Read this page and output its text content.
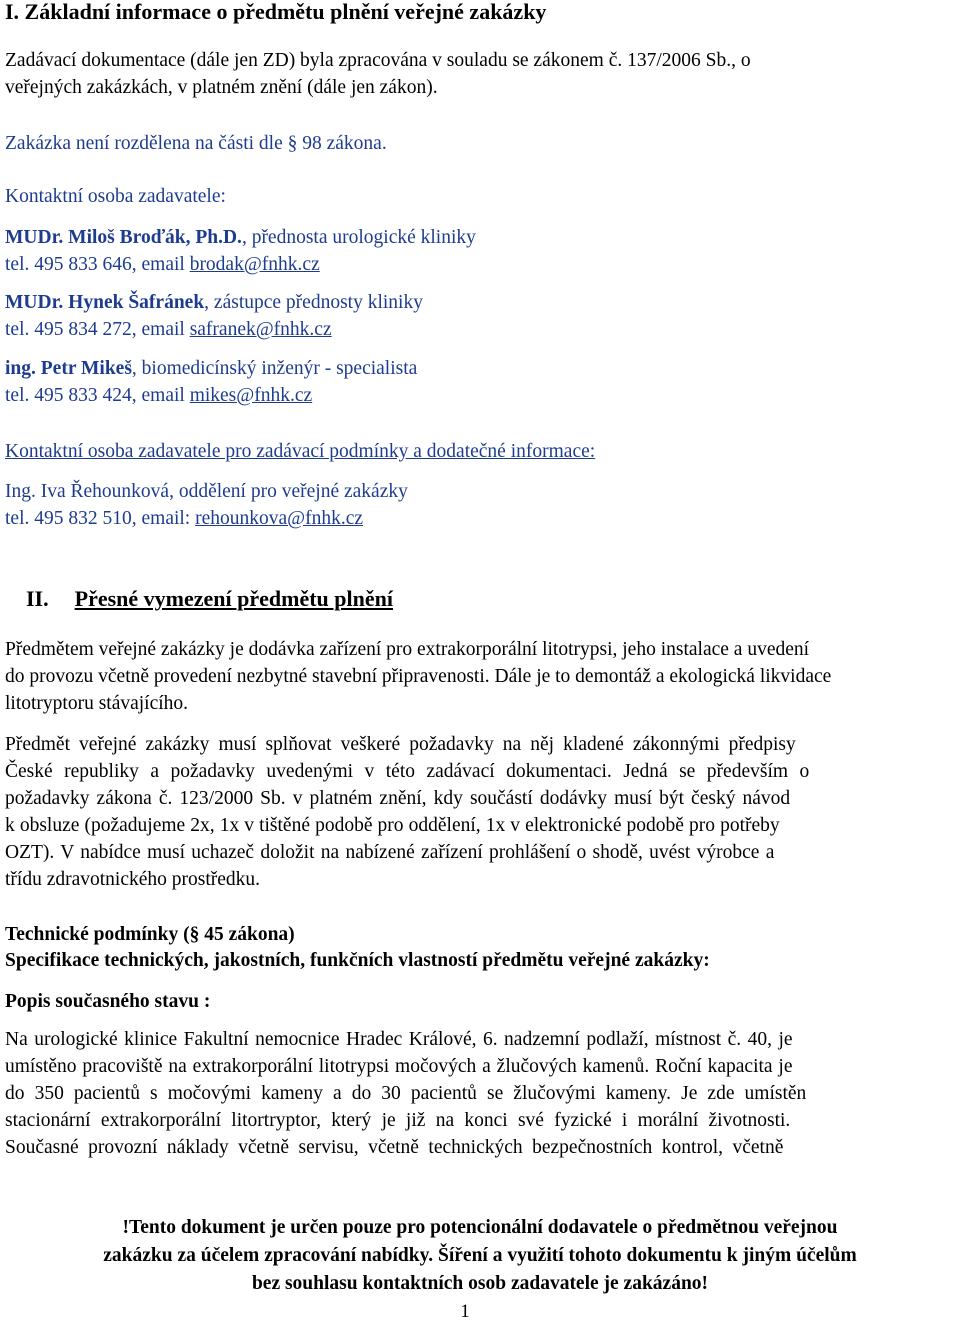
I. Základní informace o předmětu plnění veřejné zakázky
Zadávací dokumentace (dále jen ZD) byla zpracována v souladu se zákonem č. 137/2006 Sb., o
veřejných zakázkách, v platném znění (dále jen zákon).
Zakázka není rozdělena na části dle § 98 zákona.
Kontaktní osoba zadavatele:
MUDr. Miloš Broďák, Ph.D., přednosta urologické kliniky
tel. 495 833 646, email brodak@fnhk.cz
MUDr. Hynek Šafránek, zástupce přednosty kliniky
tel. 495 834 272, email safranek@fnhk.cz
ing. Petr Mikeš, biomedicínský inženýr - specialista
tel. 495 833 424, email mikes@fnhk.cz
Kontaktní osoba zadavatele pro zadávací podmínky a dodatečné informace:
Ing. Iva Řehounková, oddělení pro veřejné zakázky
tel. 495 832 510, email: rehounkova@fnhk.cz
II. Přesné vymezení předmětu plnění
Předmětem veřejné zakázky je dodávka zařízení pro extrakorporální litotrypsi, jeho instalace a uvedení
do provozu včetně provedení nezbytné stavební připravenosti. Dále je to demontáž a ekologická likvidace
litotryptoru stávajícího.
Předmět veřejné zakázky musí splňovat veškeré požadavky na něj kladené zákonnými předpisy
České republiky a požadavky uvedenými v této zadávací dokumentaci. Jedná se především o
požadavky zákona č. 123/2000 Sb. v platném znění, kdy součástí dodávky musí být český návod
k obsluze (požadujeme 2x, 1x v tištěné podobě pro oddělení, 1x v elektronické podobě pro potřeby
OZT). V nabídce musí uchazeč doložit na nabízené zařízení prohlášení o shodě, uvést výrobce a
třídu zdravotnického prostředku.
Technické podmínky (§ 45 zákona)
Specifikace technických, jakostních, funkčních vlastností předmětu veřejné zakázky:
Popis současného stavu :
Na urologické klinice Fakultní nemocnice Hradec Králové, 6. nadzemní podlaží, místnost č. 40, je
umístěno pracoviště na extrakorporální litotrypsi močových a žlučových kamenů. Roční kapacita je
do 350 pacientů s močovými kameny a do 30 pacientů se žlučovými kameny. Je zde umístěn
stacionární extrakorporální litortryptor, který je již na konci své fyzické i morální životnosti.
Současné provozní náklady včetně servisu, včetně technických bezpečnostních kontrol, včetně
!Tento dokument je určen pouze pro potencionální dodavatele o předmětnou veřejnou
zakázku za účelem zpracování nabídky. Šíření a využití tohoto dokumentu k jiným účelům
bez souhlasu kontaktních osob zadavatele je zakázáno!
1
